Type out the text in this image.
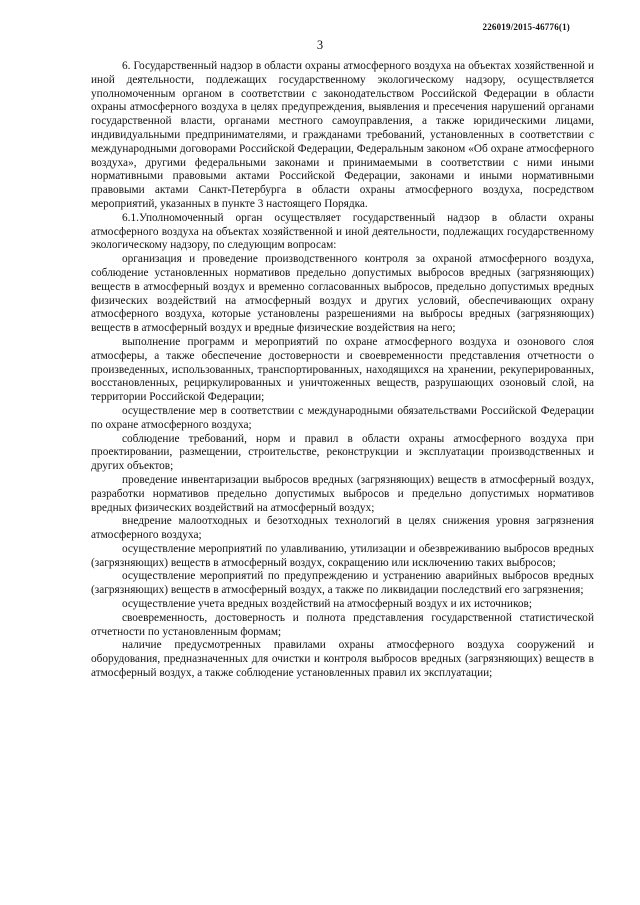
226019/2015-46776(1)
3

6. Государственный надзор в области охраны атмосферного воздуха на объектах хозяйственной и иной деятельности, подлежащих государственному экологическому надзору, осуществляется уполномоченным органом в соответствии с законодательством Российской Федерации в области охраны атмосферного воздуха в целях предупреждения, выявления и пресечения нарушений органами государственной власти, органами местного самоуправления, а также юридическими лицами, индивидуальными предпринимателями, и гражданами требований, установленных в соответствии с международными договорами Российской Федерации, Федеральным законом «Об охране атмосферного воздуха», другими федеральными законами и принимаемыми в соответствии с ними иными нормативными правовыми актами Российской Федерации, законами и иными нормативными правовыми актами Санкт-Петербурга в области охраны атмосферного воздуха, посредством мероприятий, указанных в пункте 3 настоящего Порядка.

6.1.Уполномоченный орган осуществляет государственный надзор в области охраны атмосферного воздуха на объектах хозяйственной и иной деятельности, подлежащих государственному экологическому надзору, по следующим вопросам:

организация и проведение производственного контроля за охраной атмосферного воздуха, соблюдение установленных нормативов предельно допустимых выбросов вредных (загрязняющих) веществ в атмосферный воздух и временно согласованных выбросов, предельно допустимых вредных физических воздействий на атмосферный воздух и других условий, обеспечивающих охрану атмосферного воздуха, которые установлены разрешениями на выбросы вредных (загрязняющих) веществ в атмосферный воздух и вредные физические воздействия на него;

выполнение программ и мероприятий по охране атмосферного воздуха и озонового слоя атмосферы, а также обеспечение достоверности и своевременности представления отчетности о произведенных, использованных, транспортированных, находящихся на хранении, рекуперированных, восстановленных, рециркулированных и уничтоженных веществ, разрушающих озоновый слой, на территории Российской Федерации;

осуществление мер в соответствии с международными обязательствами Российской Федерации по охране атмосферного воздуха;

соблюдение требований, норм и правил в области охраны атмосферного воздуха при проектировании, размещении, строительстве, реконструкции и эксплуатации производственных и других объектов;

проведение инвентаризации выбросов вредных (загрязняющих) веществ в атмосферный воздух, разработки нормативов предельно допустимых выбросов и предельно допустимых нормативов вредных физических воздействий на атмосферный воздух;

внедрение малоотходных и безотходных технологий в целях снижения уровня загрязнения атмосферного воздуха;

осуществление мероприятий по улавливанию, утилизации и обезвреживанию выбросов вредных (загрязняющих) веществ в атмосферный воздух, сокращению или исключению таких выбросов;

осуществление мероприятий по предупреждению и устранению аварийных выбросов вредных (загрязняющих) веществ в атмосферный воздух, а также по ликвидации последствий его загрязнения;

осуществление учета вредных воздействий на атмосферный воздух и их источников;

своевременность, достоверность и полнота представления государственной статистической отчетности по установленным формам;

наличие предусмотренных правилами охраны атмосферного воздуха сооружений и оборудования, предназначенных для очистки и контроля выбросов вредных (загрязняющих) веществ в атмосферный воздух, а также соблюдение установленных правил их эксплуатации;
